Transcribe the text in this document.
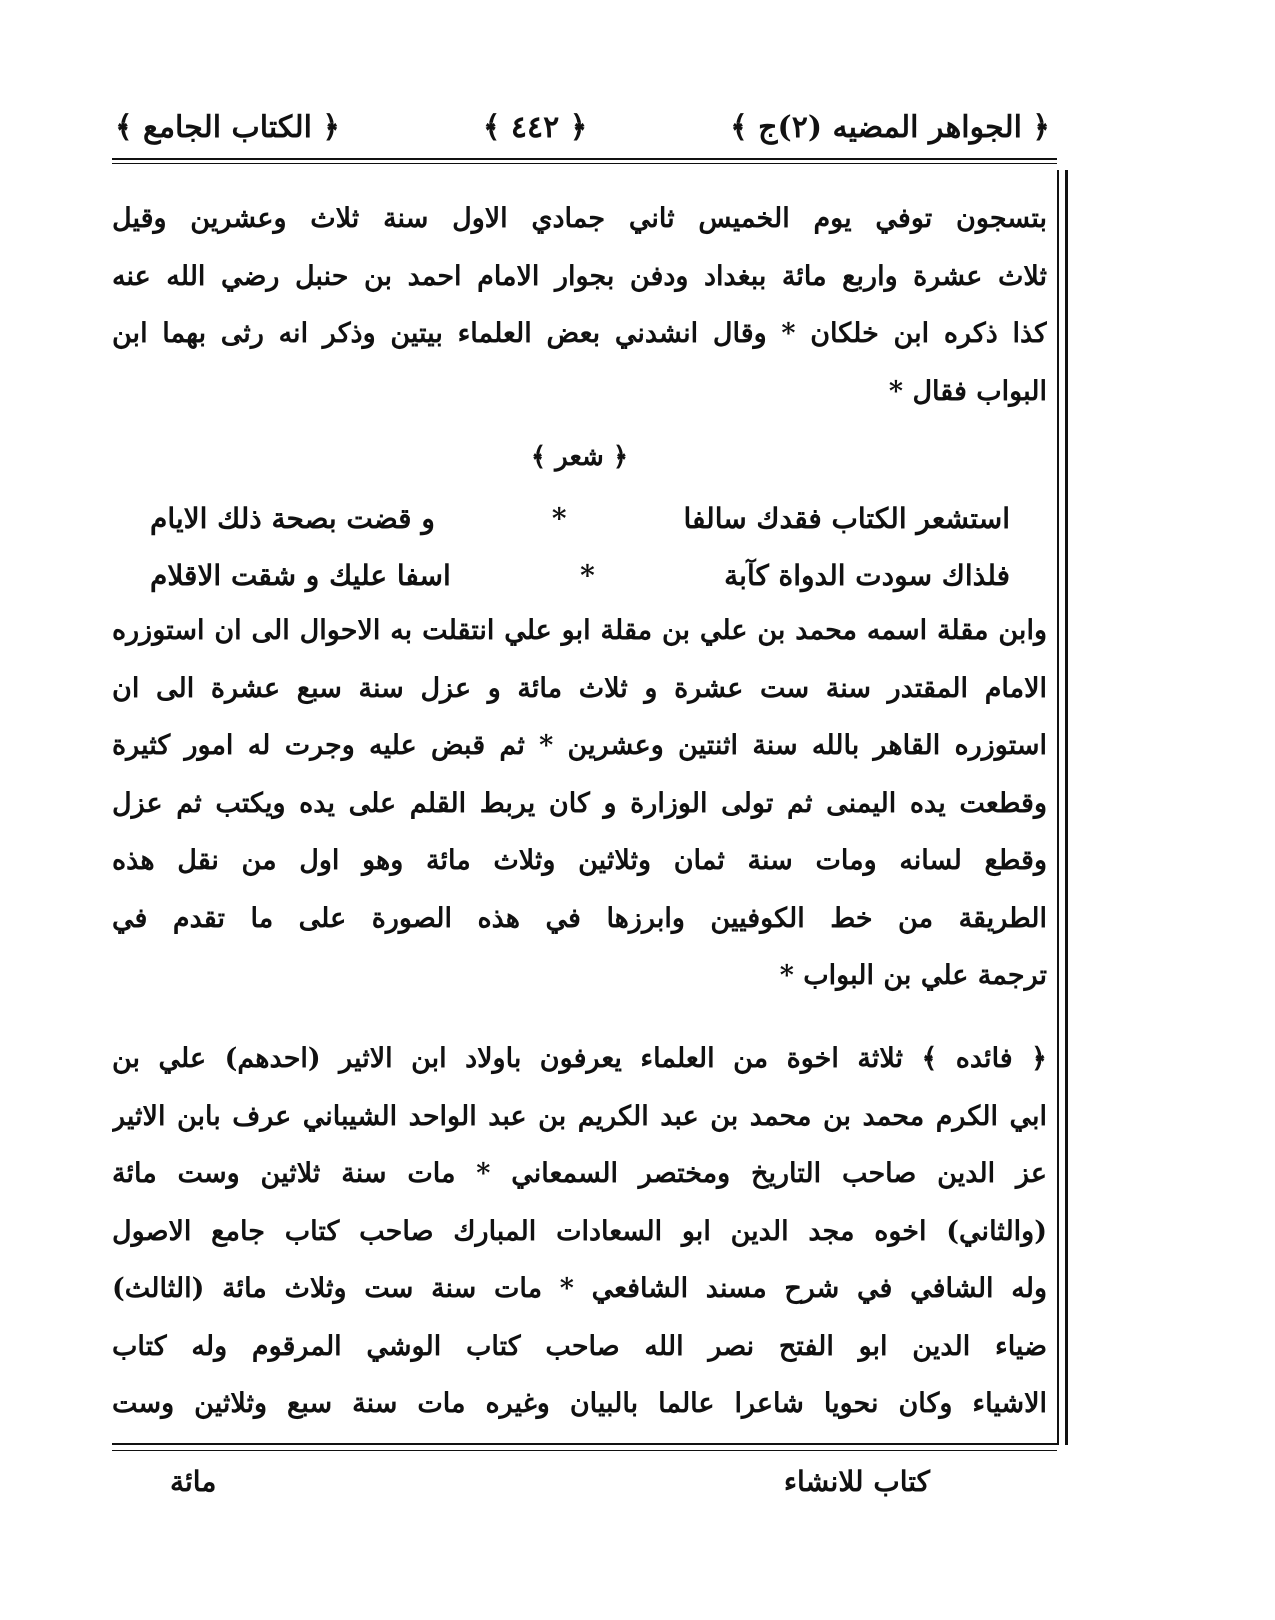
﴿ الجواهر المضيه (٢)ج ﴾
﴿ ٤٤٢ ﴾
﴿ الكتاب الجامع ﴾
بتسجون توفي يوم الخميس ثاني جمادي الاول سنة ثلاث وعشرين وقيل
ثلاث عشرة واربع مائة ببغداد ودفن بجوار الامام احمد بن حنبل رضي الله عنه
كذا ذكره ابن خلكان * وقال انشدني بعض العلماء بيتين وذكر انه رثى بهما ابن
البواب فقال *
﴿ شعر ﴾
استشعر الكتاب فقدك سالفا
*
و قضت بصحة ذلك الايام
فلذاك سودت الدواة كآبة
*
اسفا عليك و شقت الاقلام
وابن مقلة اسمه محمد بن علي بن مقلة ابو علي انتقلت به الاحوال الى ان استوزره
الامام المقتدر سنة ست عشرة و ثلاث مائة و عزل سنة سبع عشرة الى ان
استوزره القاهر بالله سنة اثنتين وعشرين * ثم قبض عليه وجرت له امور كثيرة
وقطعت يده اليمنى ثم تولى الوزارة و كان يربط القلم على يده ويكتب ثم عزل
وقطع لسانه ومات سنة ثمان وثلاثين وثلاث مائة وهو اول من نقل هذه
الطريقة من خط الكوفيين وابرزها في هذه الصورة على ما تقدم في
ترجمة علي بن البواب *
﴿ فائده ﴾ ثلاثة اخوة من العلماء يعرفون باولاد ابن الاثير (احدهم) علي بن
ابي الكرم محمد بن محمد بن عبد الكريم بن عبد الواحد الشيباني عرف بابن الاثير
عز الدين صاحب التاريخ ومختصر السمعاني * مات سنة ثلاثين وست مائة
(والثاني) اخوه مجد الدين ابو السعادات المبارك صاحب كتاب جامع الاصول
وله الشافي في شرح مسند الشافعي * مات سنة ست وثلاث مائة (الثالث)
ضياء الدين ابو الفتح نصر الله صاحب كتاب الوشي المرقوم وله كتاب
الاشياء وكان نحويا شاعرا عالما بالبيان وغيره مات سنة سبع وثلاثين وست
كتاب للانشاء
مائة
